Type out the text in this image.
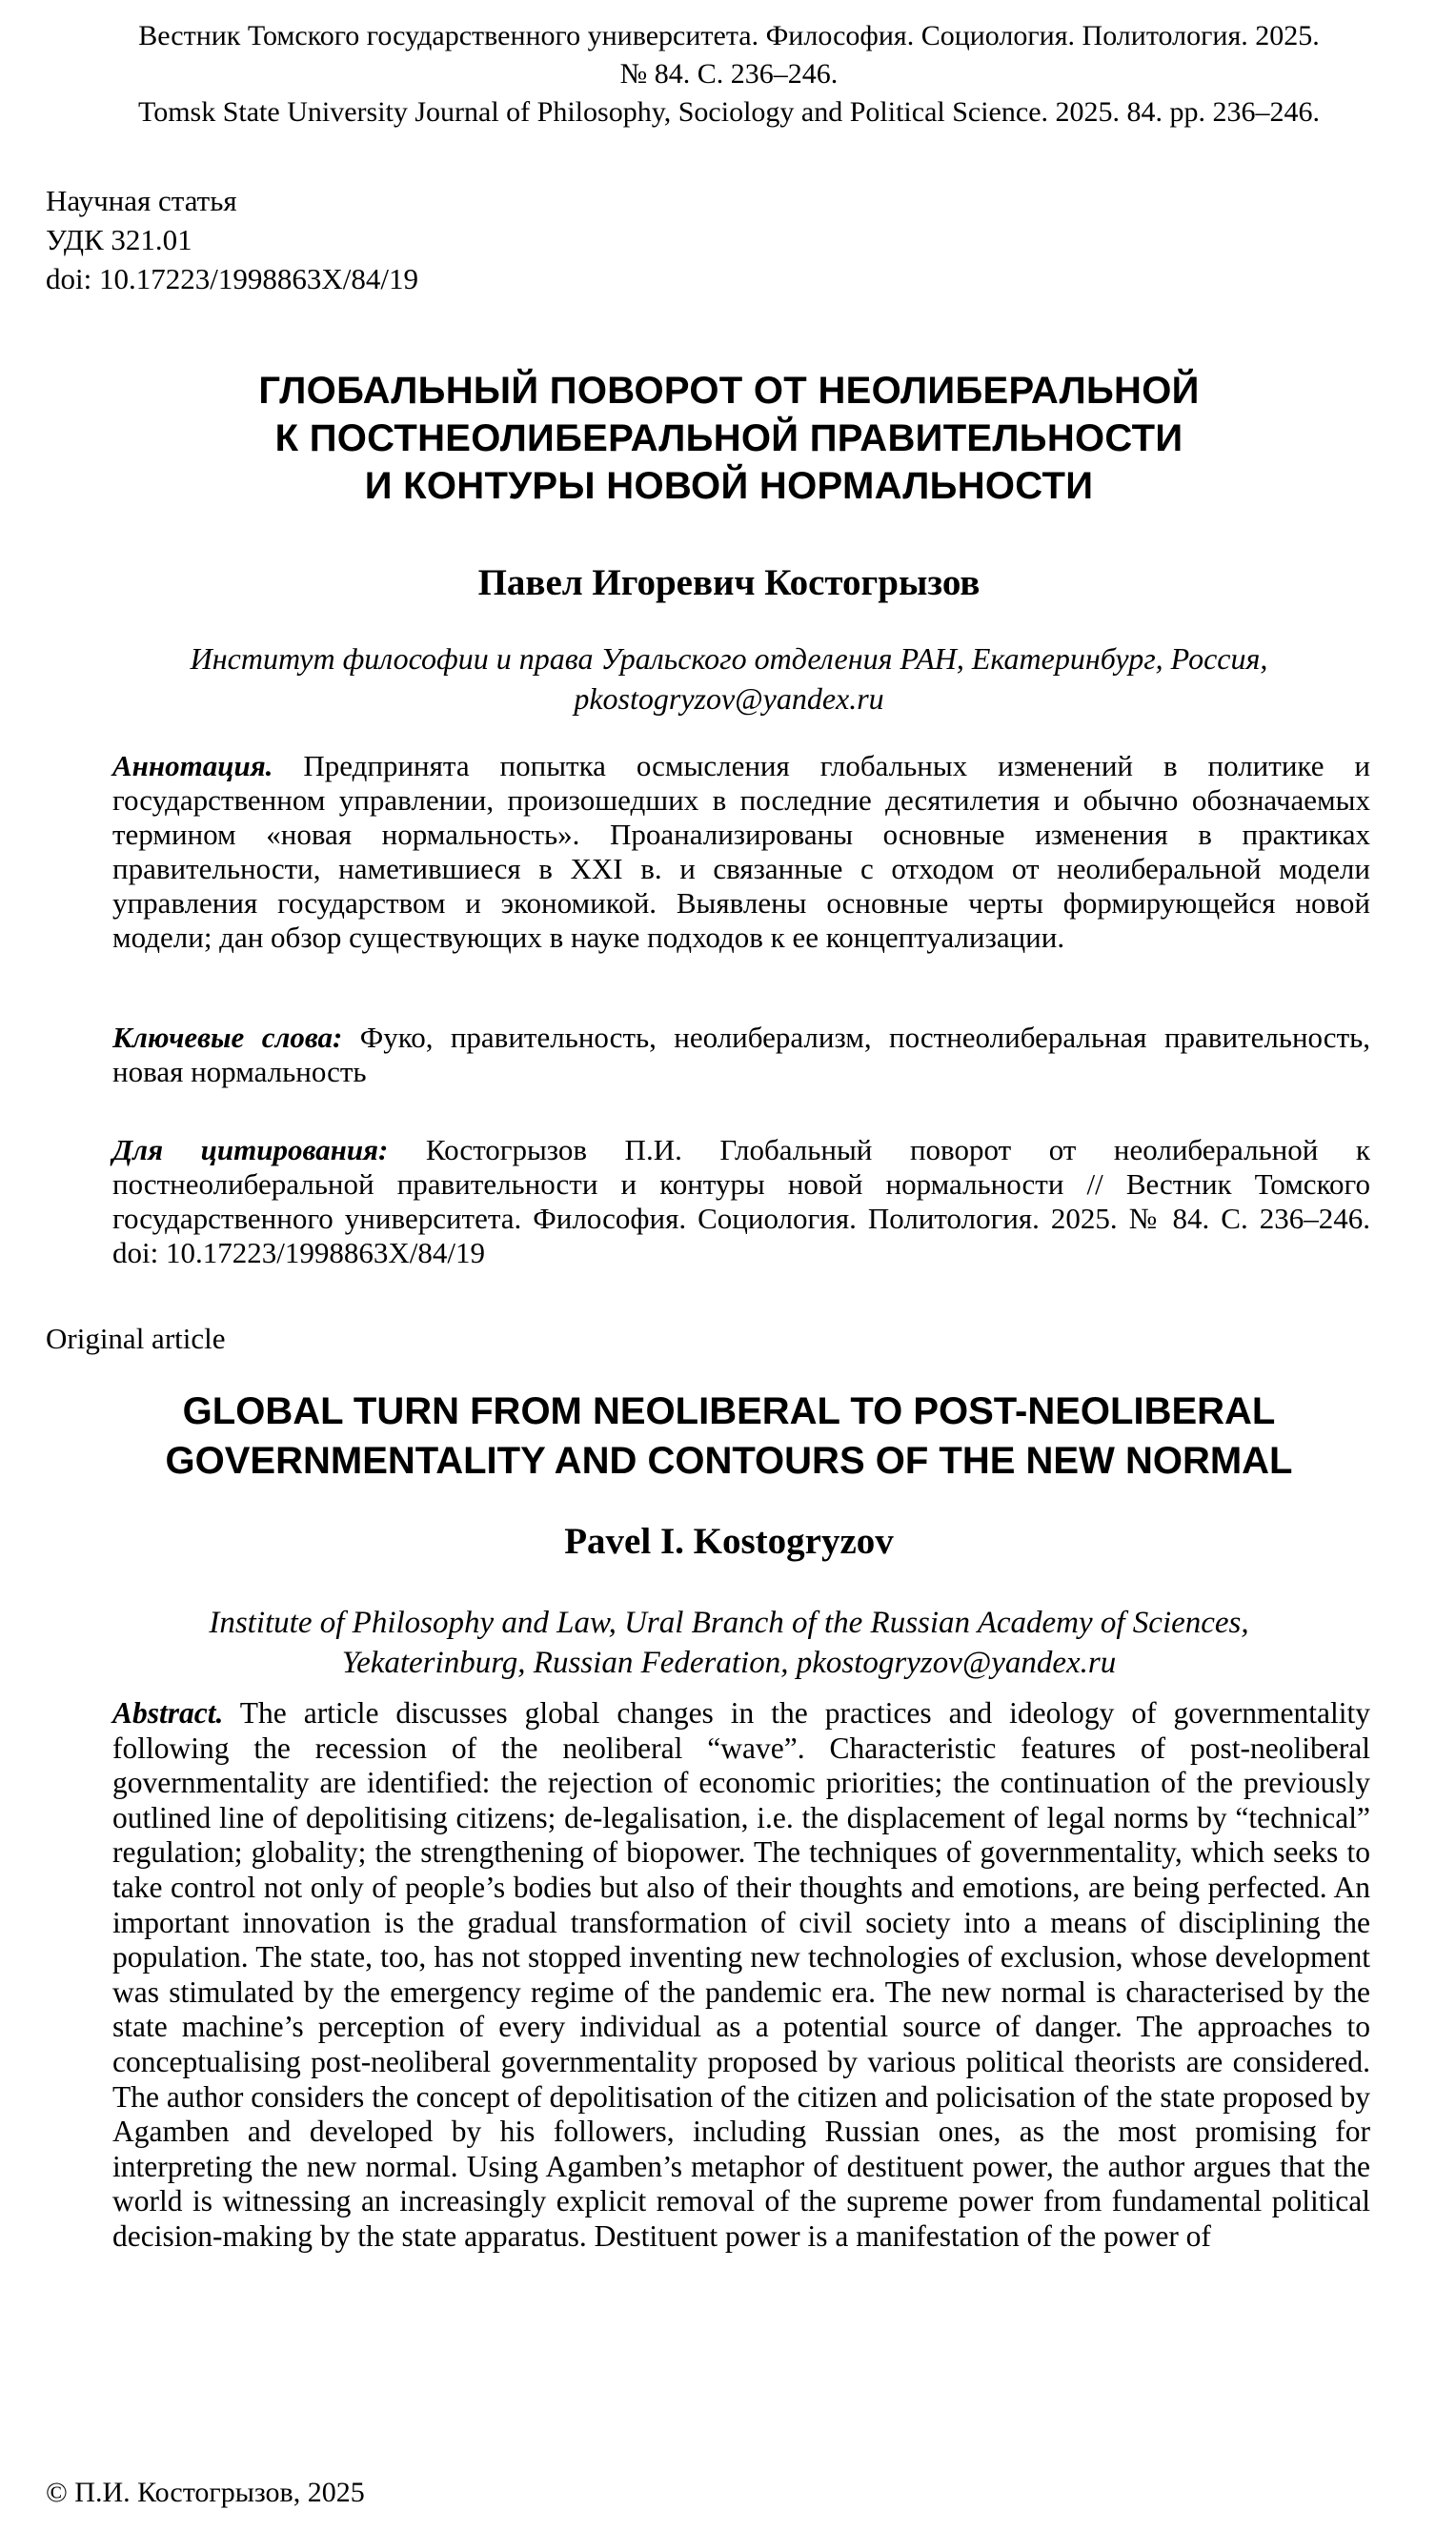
Вестник Томского государственного университета. Философия. Социология. Политология. 2025.
№ 84. С. 236–246.
Tomsk State University Journal of Philosophy, Sociology and Political Science. 2025. 84. pp. 236–246.
Научная статья
УДК 321.01
doi: 10.17223/1998863X/84/19
ГЛОБАЛЬНЫЙ ПОВОРОТ ОТ НЕОЛИБЕРАЛЬНОЙ
К ПОСТНЕОЛИБЕРАЛЬНОЙ ПРАВИТЕЛЬНОСТИ
И КОНТУРЫ НОВОЙ НОРМАЛЬНОСТИ
Павел Игоревич Костогрызов
Институт философии и права Уральского отделения РАН, Екатеринбург, Россия,
pkostogryzov@yandex.ru
Аннотация. Предпринята попытка осмысления глобальных изменений в политике и государственном управлении, произошедших в последние десятилетия и обычно обозначаемых термином «новая нормальность». Проанализированы основные изменения в практиках правительности, наметившиеся в XXI в. и связанные с отходом от неолиберальной модели управления государством и экономикой. Выявлены основные черты формирующейся новой модели; дан обзор существующих в науке подходов к ее концептуализации.
Ключевые слова: Фуко, правительность, неолиберализм, постнеолиберальная правительность, новая нормальность
Для цитирования: Костогрызов П.И. Глобальный поворот от неолиберальной к постнеолиберальной правительности и контуры новой нормальности // Вестник Томского государственного университета. Философия. Социология. Политология. 2025. № 84. С. 236–246. doi: 10.17223/1998863X/84/19
Original article
GLOBAL TURN FROM NEOLIBERAL TO POST-NEOLIBERAL
GOVERNMENTALITY AND CONTOURS OF THE NEW NORMAL
Pavel I. Kostogryzov
Institute of Philosophy and Law, Ural Branch of the Russian Academy of Sciences,
Yekaterinburg, Russian Federation, pkostogryzov@yandex.ru
Abstract. The article discusses global changes in the practices and ideology of governmentality following the recession of the neoliberal “wave”. Characteristic features of post-neoliberal governmentality are identified: the rejection of economic priorities; the continuation of the previously outlined line of depolitising citizens; de-legalisation, i.e. the displacement of legal norms by “technical” regulation; globality; the strengthening of biopower. The techniques of governmentality, which seeks to take control not only of people’s bodies but also of their thoughts and emotions, are being perfected. An important innovation is the gradual transformation of civil society into a means of disciplining the population. The state, too, has not stopped inventing new technologies of exclusion, whose development was stimulated by the emergency regime of the pandemic era. The new normal is characterised by the state machine’s perception of every individual as a potential source of danger. The approaches to conceptualising post-neoliberal governmentality proposed by various political theorists are considered. The author considers the concept of depolitisation of the citizen and policisation of the state proposed by Agamben and developed by his followers, including Russian ones, as the most promising for interpreting the new normal. Using Agamben’s metaphor of destituent power, the author argues that the world is witnessing an increasingly explicit removal of the supreme power from fundamental political decision-making by the state apparatus. Destituent power is a manifestation of the power of
© П.И. Костогрызов, 2025
